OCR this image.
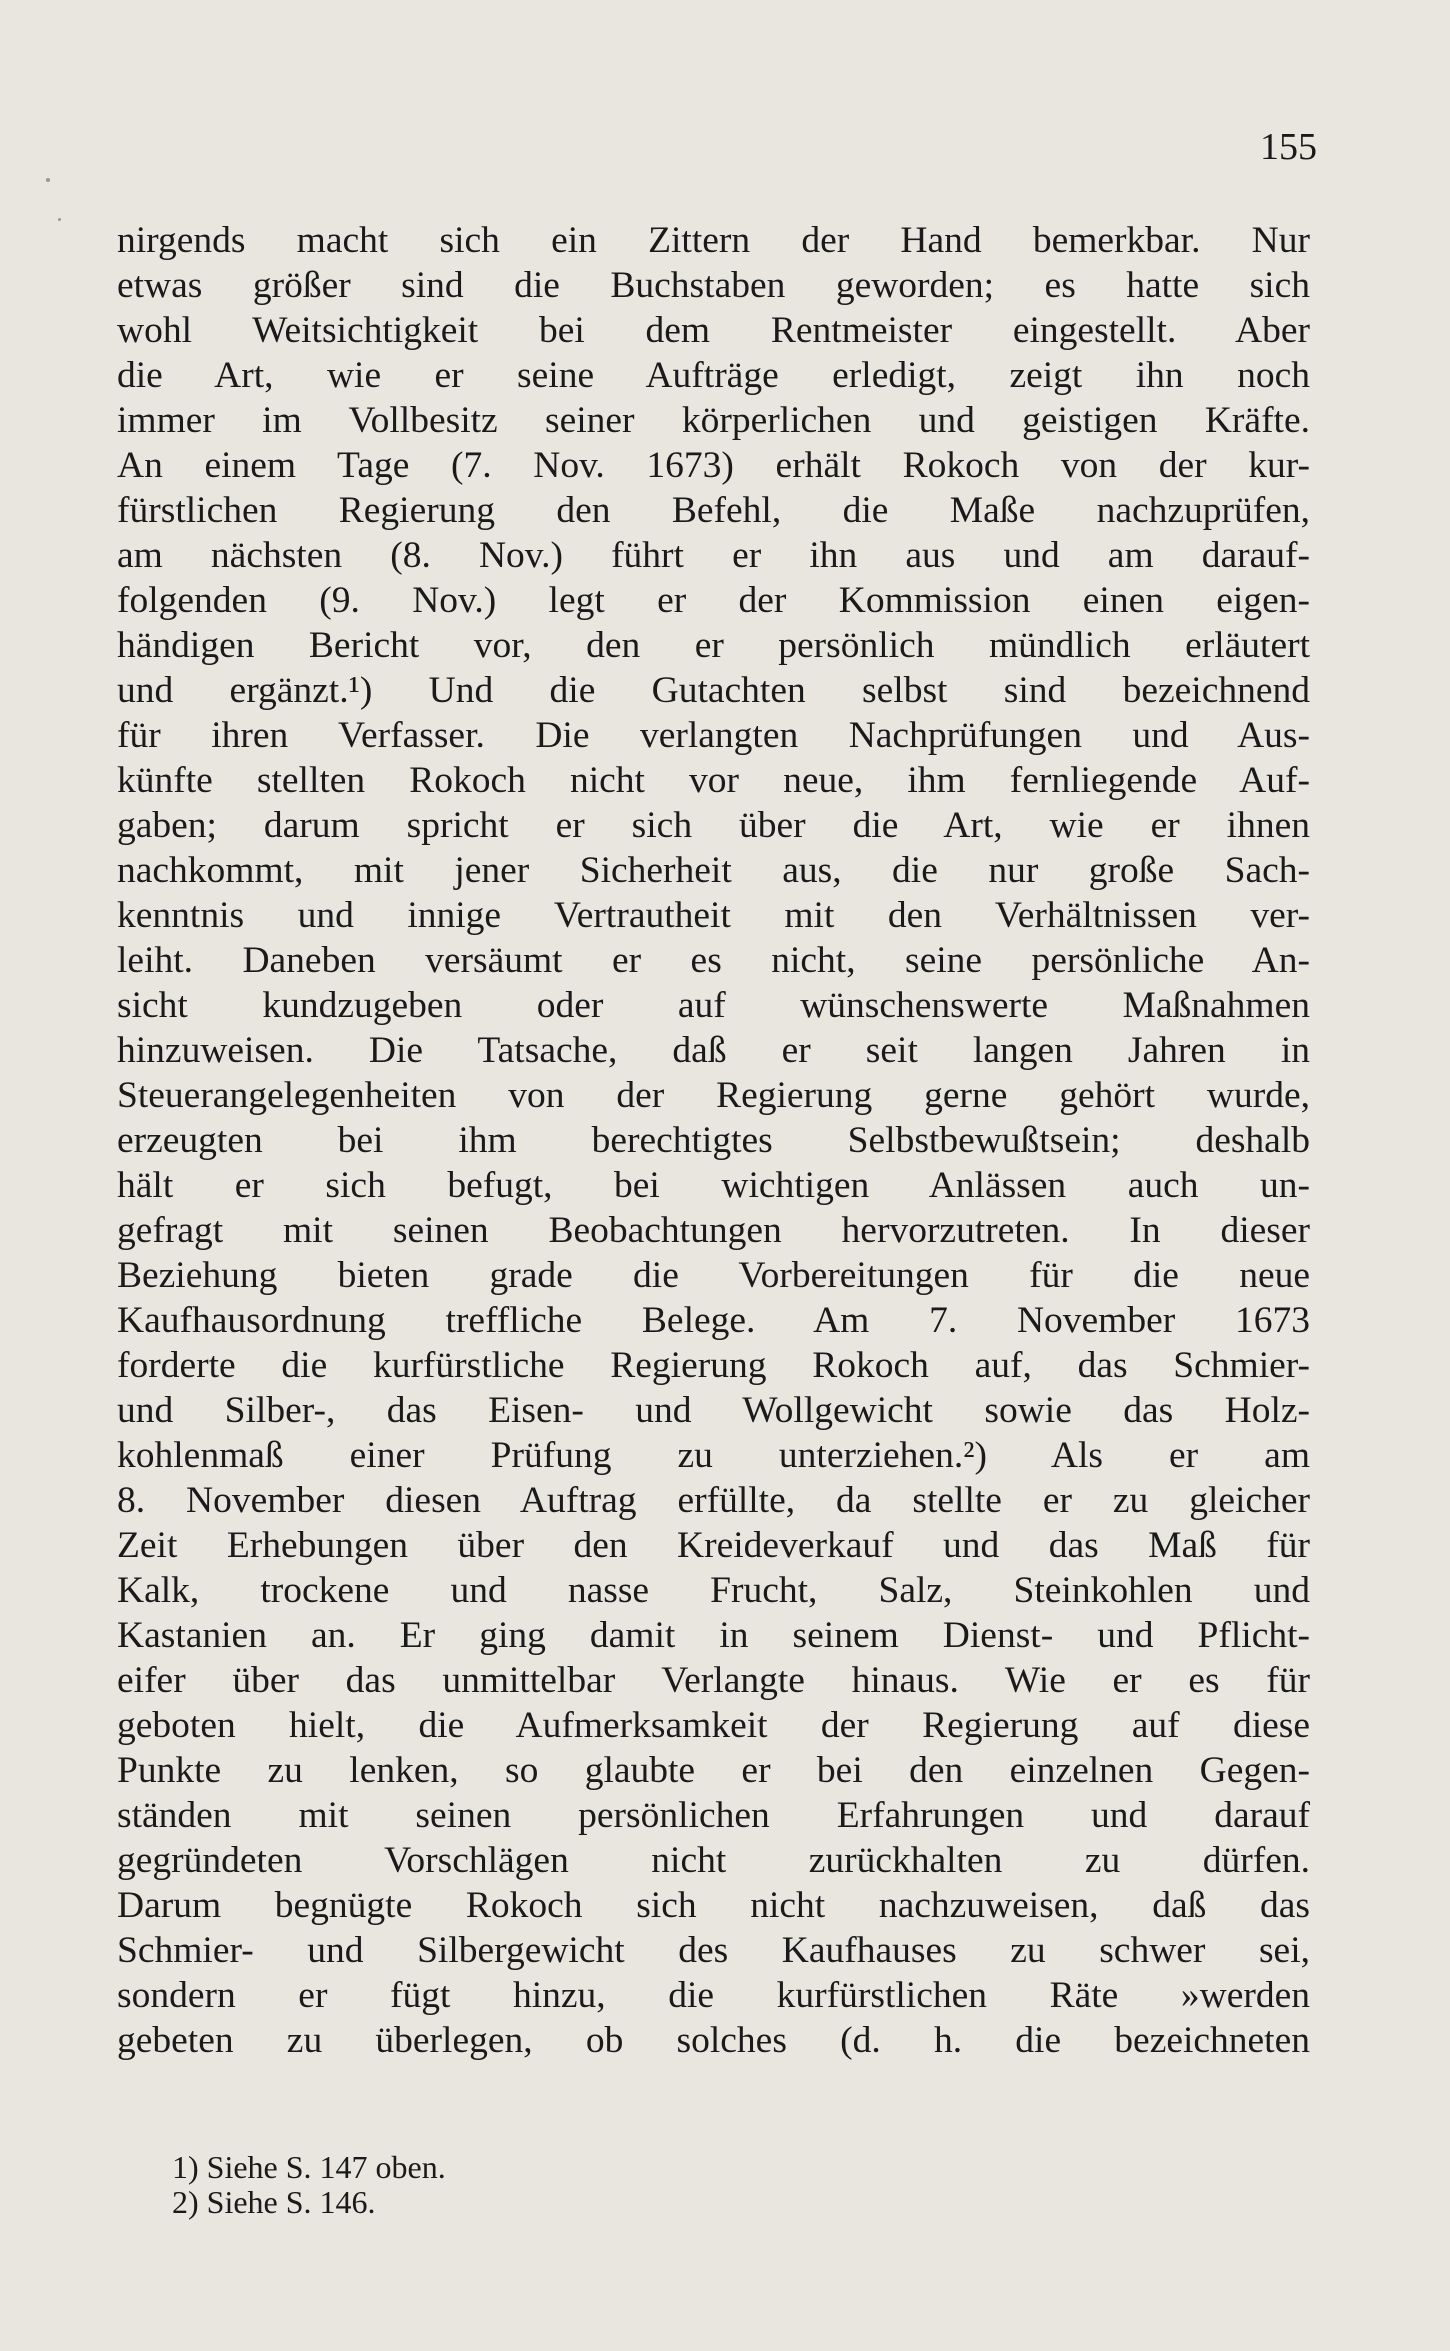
155
nirgends macht sich ein Zittern der Hand bemerkbar. Nur
etwas größer sind die Buchstaben geworden; es hatte sich
wohl Weitsichtigkeit bei dem Rentmeister eingestellt. Aber
die Art, wie er seine Aufträge erledigt, zeigt ihn noch
immer im Vollbesitz seiner körperlichen und geistigen Kräfte.
An einem Tage (7. Nov. 1673) erhält Rokoch von der kur-
fürstlichen Regierung den Befehl, die Maße nachzuprüfen,
am nächsten (8. Nov.) führt er ihn aus und am darauf-
folgenden (9. Nov.) legt er der Kommission einen eigen-
händigen Bericht vor, den er persönlich mündlich erläutert
und ergänzt.¹) Und die Gutachten selbst sind bezeichnend
für ihren Verfasser. Die verlangten Nachprüfungen und Aus-
künfte stellten Rokoch nicht vor neue, ihm fernliegende Auf-
gaben; darum spricht er sich über die Art, wie er ihnen
nachkommt, mit jener Sicherheit aus, die nur große Sach-
kenntnis und innige Vertrautheit mit den Verhältnissen ver-
leiht. Daneben versäumt er es nicht, seine persönliche An-
sicht kundzugeben oder auf wünschenswerte Maßnahmen
hinzuweisen. Die Tatsache, daß er seit langen Jahren in
Steuerangelegenheiten von der Regierung gerne gehört wurde,
erzeugten bei ihm berechtigtes Selbstbewußtsein; deshalb
hält er sich befugt, bei wichtigen Anlässen auch un-
gefragt mit seinen Beobachtungen hervorzutreten. In dieser
Beziehung bieten grade die Vorbereitungen für die neue
Kaufhausordnung treffliche Belege. Am 7. November 1673
forderte die kurfürstliche Regierung Rokoch auf, das Schmier-
und Silber-, das Eisen- und Wollgewicht sowie das Holz-
kohlenmaß einer Prüfung zu unterziehen.²) Als er am
8. November diesen Auftrag erfüllte, da stellte er zu gleicher
Zeit Erhebungen über den Kreideverkauf und das Maß für
Kalk, trockene und nasse Frucht, Salz, Steinkohlen und
Kastanien an. Er ging damit in seinem Dienst- und Pflicht-
eifer über das unmittelbar Verlangte hinaus. Wie er es für
geboten hielt, die Aufmerksamkeit der Regierung auf diese
Punkte zu lenken, so glaubte er bei den einzelnen Gegen-
ständen mit seinen persönlichen Erfahrungen und darauf
gegründeten Vorschlägen nicht zurückhalten zu dürfen.
Darum begnügte Rokoch sich nicht nachzuweisen, daß das
Schmier- und Silbergewicht des Kaufhauses zu schwer sei,
sondern er fügt hinzu, die kurfürstlichen Räte »werden
gebeten zu überlegen, ob solches (d. h. die bezeichneten
1) Siehe S. 147 oben.
2) Siehe S. 146.
